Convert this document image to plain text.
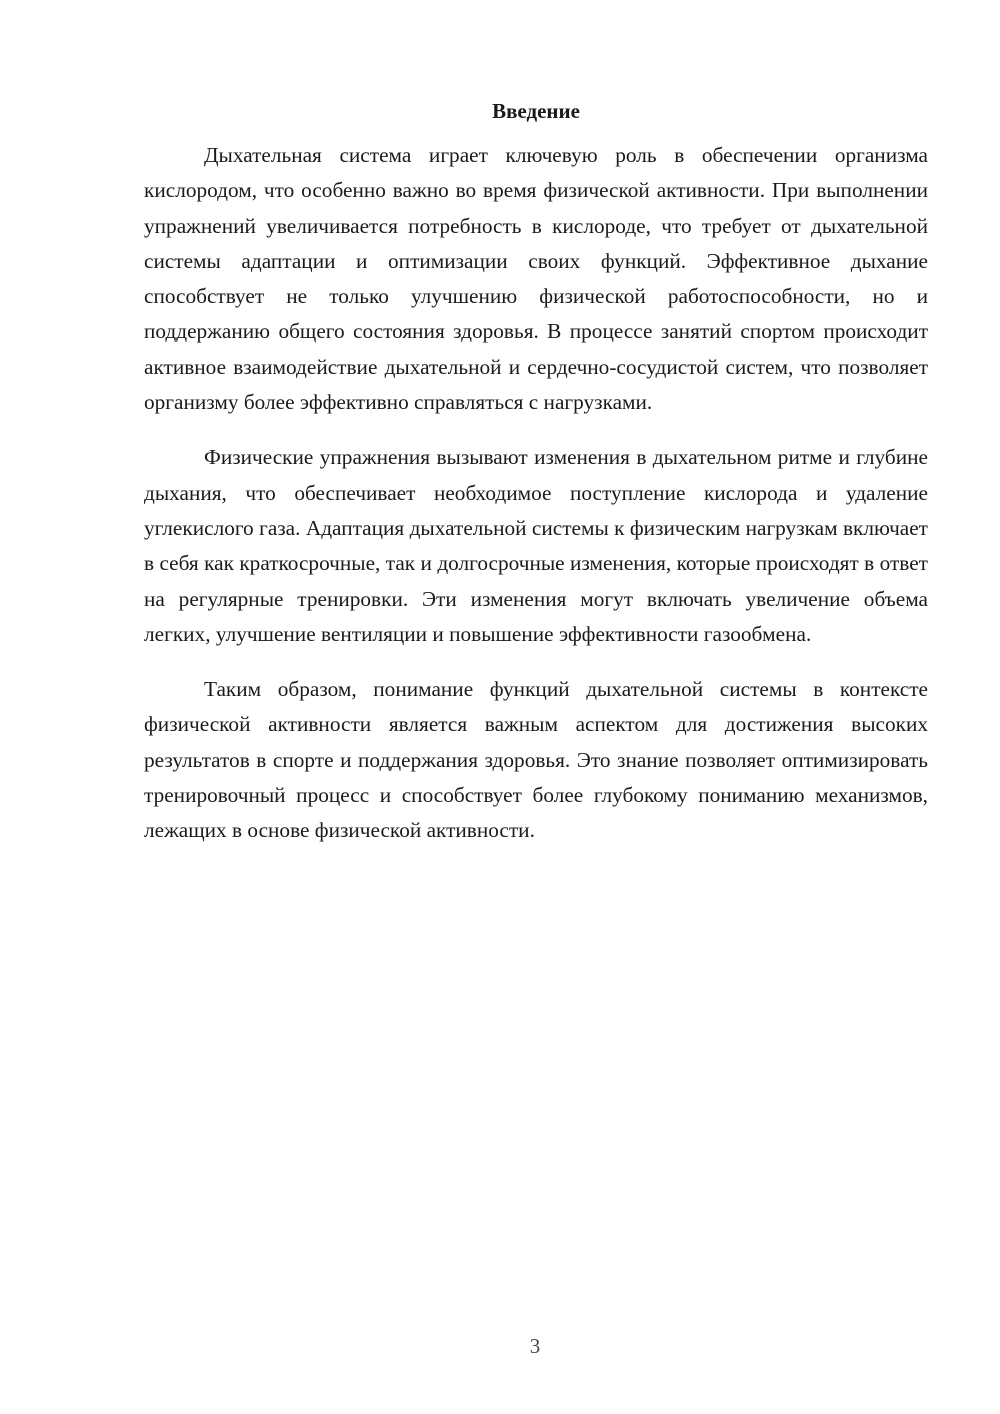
Введение

Дыхательная система играет ключевую роль в обеспечении организма кислородом, что особенно важно во время физической активности. При выполнении упражнений увеличивается потребность в кислороде, что требует от дыхательной системы адаптации и оптимизации своих функций. Эффективное дыхание способствует не только улучшению физической работоспособности, но и поддержанию общего состояния здоровья. В процессе занятий спортом происходит активное взаимодействие дыхательной и сердечно-сосудистой систем, что позволяет организму более эффективно справляться с нагрузками.

Физические упражнения вызывают изменения в дыхательном ритме и глубине дыхания, что обеспечивает необходимое поступление кислорода и удаление углекислого газа. Адаптация дыхательной системы к физическим нагрузкам включает в себя как краткосрочные, так и долгосрочные изменения, которые происходят в ответ на регулярные тренировки. Эти изменения могут включать увеличение объема легких, улучшение вентиляции и повышение эффективности газообмена.

Таким образом, понимание функций дыхательной системы в контексте физической активности является важным аспектом для достижения высоких результатов в спорте и поддержания здоровья. Это знание позволяет оптимизировать тренировочный процесс и способствует более глубокому пониманию механизмов, лежащих в основе физической активности.

3
